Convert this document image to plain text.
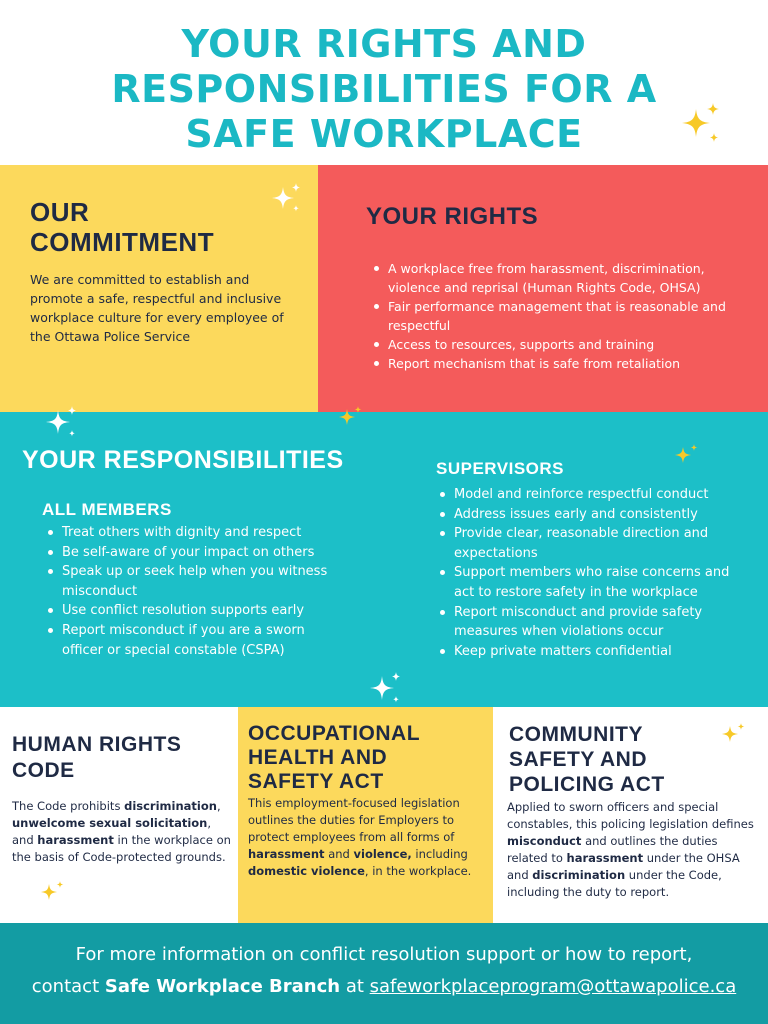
YOUR RIGHTS AND
RESPONSIBILITIES FOR A
SAFE WORKPLACE
OUR
COMMITMENT

We are committed to establish and promote a safe, respectful and inclusive workplace culture for every employee of the Ottawa Police Service

YOUR RIGHTS
A workplace free from harassment, discrimination, violence and reprisal (Human Rights Code, OHSA)
Fair performance management that is reasonable and respectful
Access to resources, supports and training
Report mechanism that is safe from retaliation
YOUR RESPONSIBILITIES
ALL MEMBERS
Treat others with dignity and respect
Be self-aware of your impact on others
Speak up or seek help when you witness misconduct
Use conflict resolution supports early
Report misconduct if you are a sworn officer or special constable (CSPA)
SUPERVISORS
Model and reinforce respectful conduct
Address issues early and consistently
Provide clear, reasonable direction and expectations
Support members who raise concerns and act to restore safety in the workplace
Report misconduct and provide safety measures when violations occur
Keep private matters confidential
HUMAN RIGHTS
CODE

The Code prohibits discrimination, unwelcome sexual solicitation, and harassment in the workplace on the basis of Code-protected grounds.

OCCUPATIONAL
HEALTH AND
SAFETY ACT

This employment-focused legislation outlines the duties for Employers to protect employees from all forms of harassment and violence, including domestic violence, in the workplace.

COMMUNITY
SAFETY AND
POLICING ACT

Applied to sworn officers and special constables, this policing legislation defines misconduct and outlines the duties related to harassment under the OHSA and discrimination under the Code, including the duty to report.

For more information on conflict resolution support or how to report,
contact Safe Workplace Branch at safeworkplaceprogram@ottawapolice.ca
